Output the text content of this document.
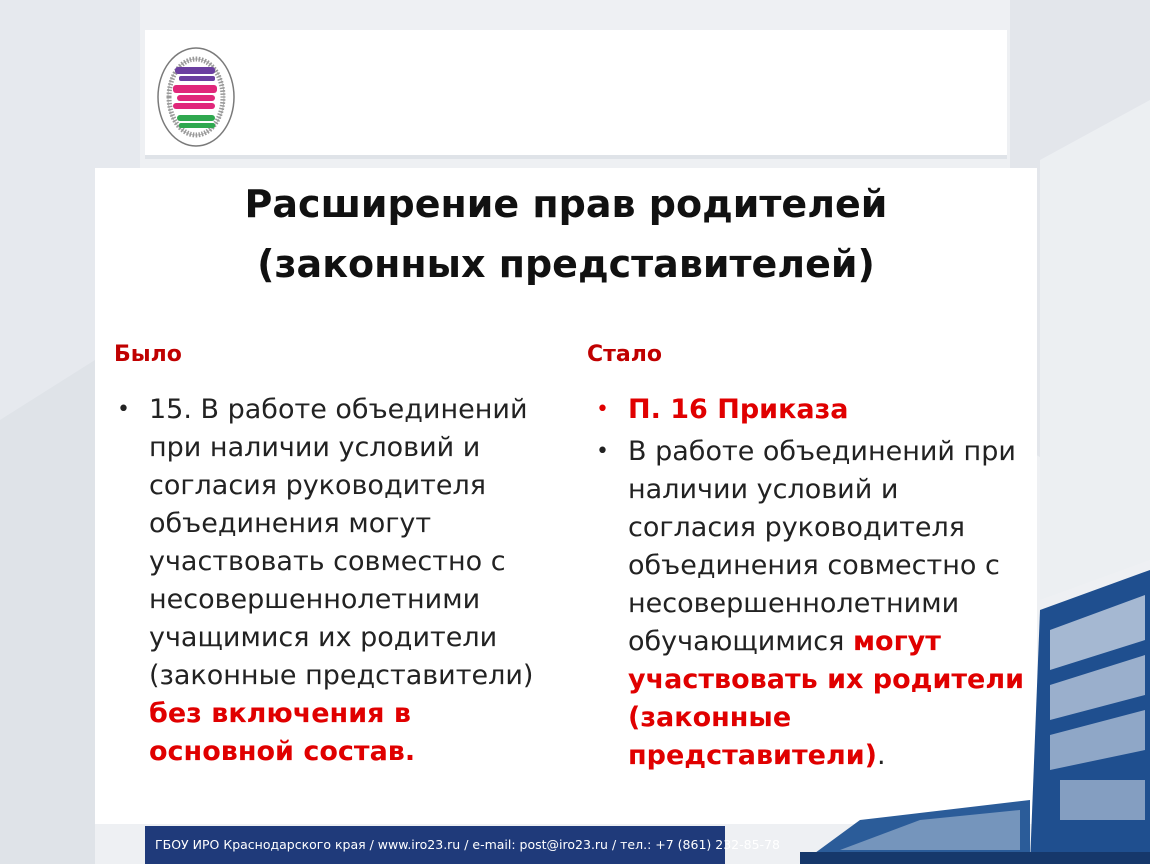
Расширение прав родителей
(законных представителей)
Было
• 15. В работе объединений при наличии условий и согласия руководителя объединения могут участвовать совместно с несовершеннолетними учащимися их родители (законные представители) без включения в основной состав.
Стало
• П. 16 Приказа
• В работе объединений при наличии условий и согласия руководителя объединения совместно с несовершеннолетними обучающимися могут участвовать их родители (законные представители).
ГБОУ ИРО Краснодарского края / www.iro23.ru / e-mail: post@iro23.ru / тел.: +7 (861) 232-85-78
